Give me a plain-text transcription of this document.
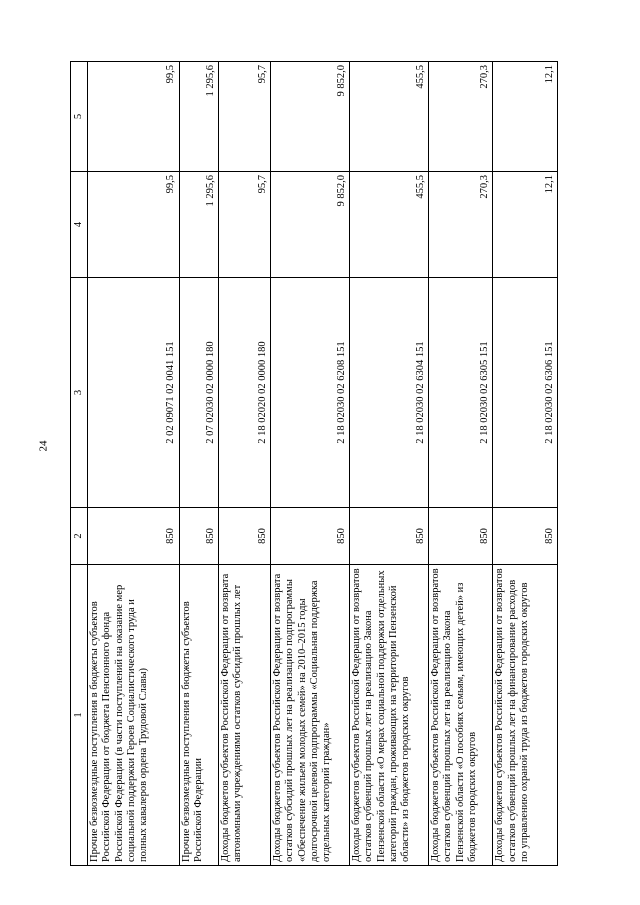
24
1	2	3	4	5
Прочие безвозмездные поступления в бюджеты субъектов Российской Федерации от бюджета Пенсионного фонда Российской Федерации (в части поступлений на оказание мер социальной поддержки Героев Социалистического труда и полных кавалеров ордена Трудовой Славы)	850	2 02 09071 02 0041 151	99,5	99,5
Прочие безвозмездные поступления в бюджеты субъектов Российской Федерации	850	2 07 02030 02 0000 180	1 295,6	1 295,6
Доходы бюджетов субъектов Российской Федерации от возврата автономными учреждениями остатков субсидий прошлых лет	850	2 18 02020 02 0000 180	95,7	95,7
Доходы бюджетов субъектов Российской Федерации от возврата остатков субсидий прошлых лет на реализацию подпрограммы «Обеспечение жильем молодых семей» на 2010–2015 годы долгосрочной целевой подпрограммы «Социальная поддержка отдельных категорий граждан»	850	2 18 02030 02 6208 151	9 852,0	9 852,0
Доходы бюджетов субъектов Российской Федерации от возвратов остатков субвенций прошлых лет на реализацию Закона Пензенской области «О мерах социальной поддержки отдельных категорий граждан, проживающих на территории Пензенской области» из бюджетов городских округов	850	2 18 02030 02 6304 151	455,5	455,5
Доходы бюджетов субъектов Российской Федерации от возвратов остатков субвенций прошлых лет на реализацию Закона Пензенской области «О пособиях семьям, имеющих детей» из бюджетов городских округов	850	2 18 02030 02 6305 151	270,3	270,3
Доходы бюджетов субъектов Российской Федерации от возвратов остатков субвенций прошлых лет на финансирование расходов по управлению охраной труда из бюджетов городских округов	850	2 18 02030 02 6306 151	12,1	12,1
